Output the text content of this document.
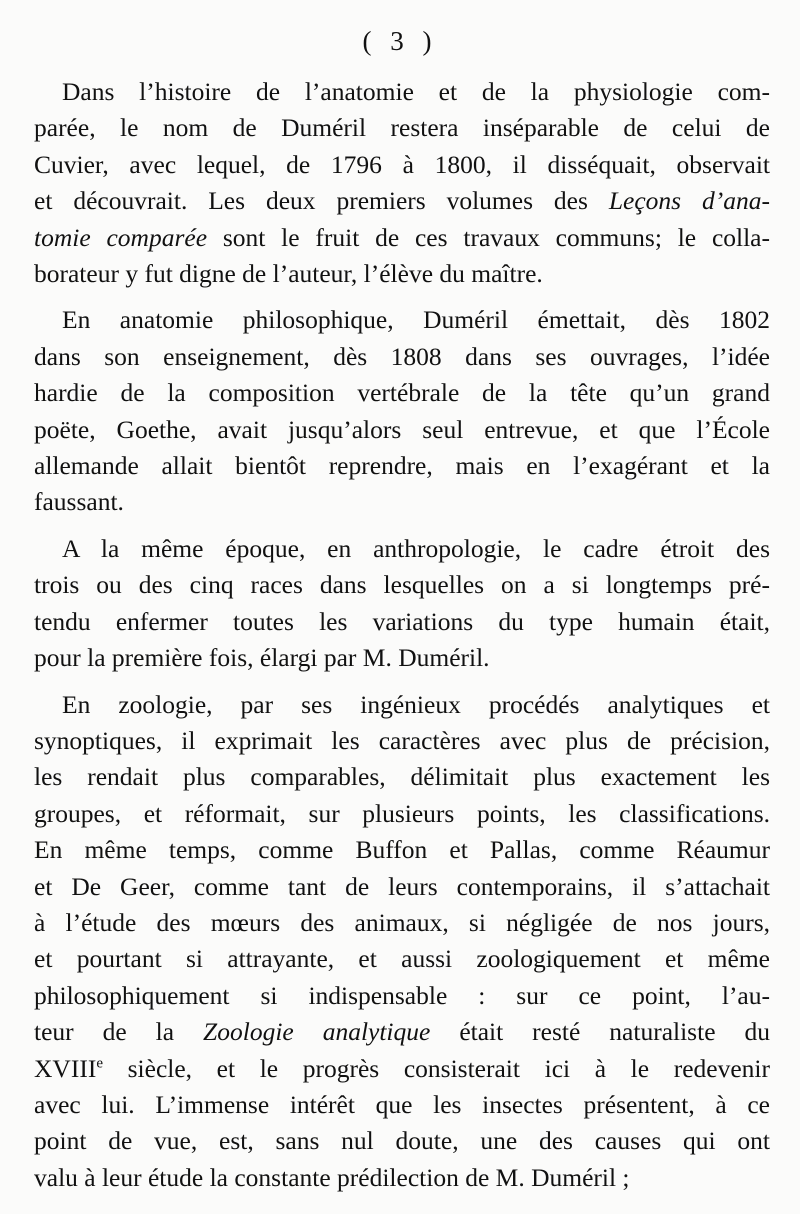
( 3 )
Dans l’histoire de l’anatomie et de la physiologie com-
parée, le nom de Duméril restera inséparable de celui de
Cuvier, avec lequel, de 1796 à 1800, il disséquait, observait
et découvrait. Les deux premiers volumes des Leçons d’ana-
tomie comparée sont le fruit de ces travaux communs; le colla-
borateur y fut digne de l’auteur, l’élève du maître.
En anatomie philosophique, Duméril émettait, dès 1802
dans son enseignement, dès 1808 dans ses ouvrages, l’idée
hardie de la composition vertébrale de la tête qu’un grand
poëte, Goethe, avait jusqu’alors seul entrevue, et que l’École
allemande allait bientôt reprendre, mais en l’exagérant et la
faussant.
A la même époque, en anthropologie, le cadre étroit des
trois ou des cinq races dans lesquelles on a si longtemps pré-
tendu enfermer toutes les variations du type humain était,
pour la première fois, élargi par M. Duméril.
En zoologie, par ses ingénieux procédés analytiques et
synoptiques, il exprimait les caractères avec plus de précision,
les rendait plus comparables, délimitait plus exactement les
groupes, et réformait, sur plusieurs points, les classifications.
En même temps, comme Buffon et Pallas, comme Réaumur
et De Geer, comme tant de leurs contemporains, il s’attachait
à l’étude des mœurs des animaux, si négligée de nos jours,
et pourtant si attrayante, et aussi zoologiquement et même
philosophiquement si indispensable : sur ce point, l’au-
teur de la Zoologie analytique était resté naturaliste du
XVIIIe siècle, et le progrès consisterait ici à le redevenir
avec lui. L’immense intérêt que les insectes présentent, à ce
point de vue, est, sans nul doute, une des causes qui ont
valu à leur étude la constante prédilection de M. Duméril ;
